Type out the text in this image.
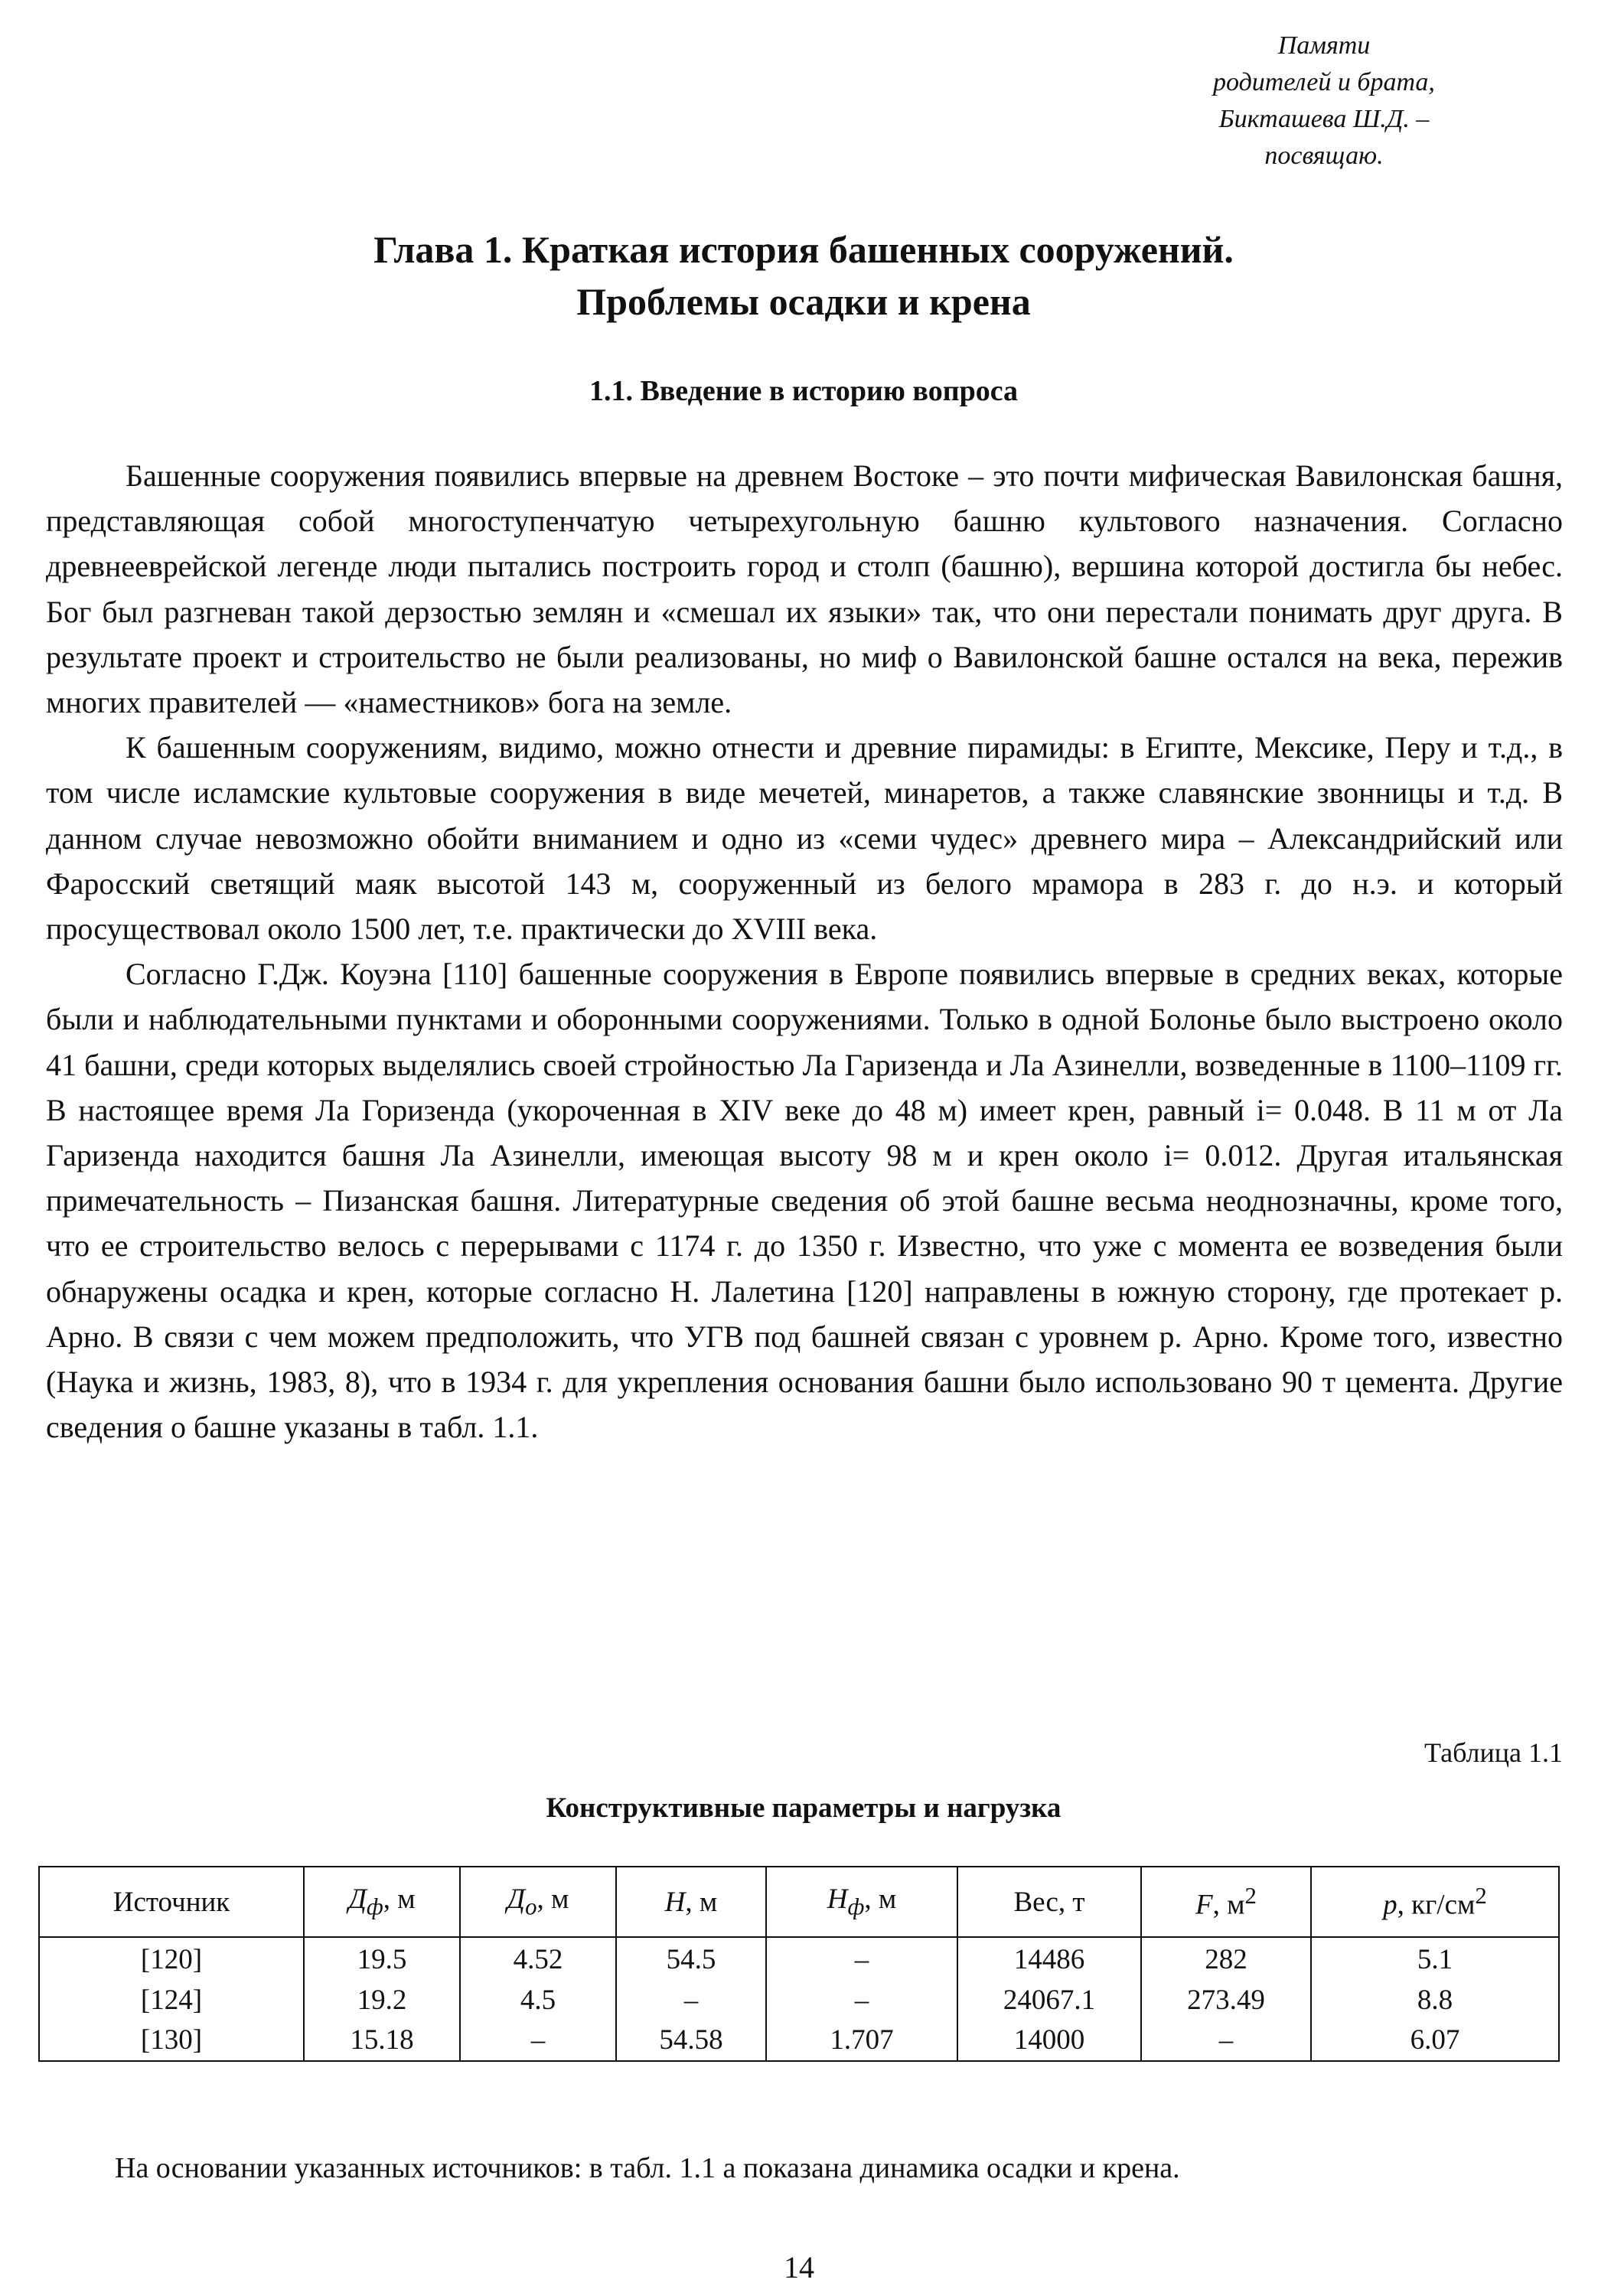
Памяти
родителей и брата,
Бикташева Ш.Д. –
посвящаю.
Глава 1. Краткая история башенных сооружений.
Проблемы осадки и крена
1.1. Введение в историю вопроса

Башенные сооружения появились впервые на древнем Востоке – это почти мифическая Вавилонская башня, представляющая собой многоступенчатую четырехугольную башню культового назначения. Согласно древнееврейской легенде люди пытались построить город и столп (башню), вершина которой достигла бы небес. Бог был разгневан такой дерзостью землян и «смешал их языки» так, что они перестали понимать друг друга. В результате проект и строительство не были реализованы, но миф о Вавилонской башне остался на века, пережив многих правителей — «наместников» бога на земле.

К башенным сооружениям, видимо, можно отнести и древние пирамиды: в Египте, Мексике, Перу и т.д., в том числе исламские культовые сооружения в виде мечетей, минаретов, а также славянские звонницы и т.д. В данном случае невозможно обойти вниманием и одно из «семи чудес» древнего мира – Александрийский или Фаросский светящий маяк высотой 143 м, сооруженный из белого мрамора в 283 г. до н.э. и который просуществовал около 1500 лет, т.е. практически до XVIII века.

Согласно Г.Дж. Коуэна [110] башенные сооружения в Европе появились впервые в средних веках, которые были и наблюдательными пунктами и оборонными сооружениями. Только в одной Болонье было выстроено около 41 башни, среди которых выделялись своей стройностью Ла Гаризенда и Ла Азинелли, возведенные в 1100–1109 гг. В настоящее время Ла Горизенда (укороченная в XIV веке до 48 м) имеет крен, равный i= 0.048. В 11 м от Ла Гаризенда находится башня Ла Азинелли, имеющая высоту 98 м и крен около i= 0.012. Другая итальянская примечательность – Пизанская башня. Литературные сведения об этой башне весьма неоднозначны, кроме того, что ее строительство велось с перерывами с 1174 г. до 1350 г. Известно, что уже с момента ее возведения были обнаружены осадка и крен, которые согласно Н. Лалетина [120] направлены в южную сторону, где протекает р. Арно. В связи с чем можем предположить, что УГВ под башней связан с уровнем р. Арно. Кроме того, известно (Наука и жизнь, 1983, 8), что в 1934 г. для укрепления основания башни было использовано 90 т цемента. Другие сведения о башне указаны в табл. 1.1.

Таблица 1.1
Конструктивные параметры и нагрузка
Источник	$Д_ф$, м	$Д_о$, м	Н, м	$Н_ф$, м	Вес, т	F, $м^2$	p, $кг/см^2$
[120]	19.5	4.52	54.5	–	14486	282	5.1
[124]	19.2	4.5	–	–	24067.1	273.49	8.8
[130]	15.18	–	54.58	1.707	14000	–	6.07
На основании указанных источников: в табл. 1.1 а показана динамика осадки и крена.
14
